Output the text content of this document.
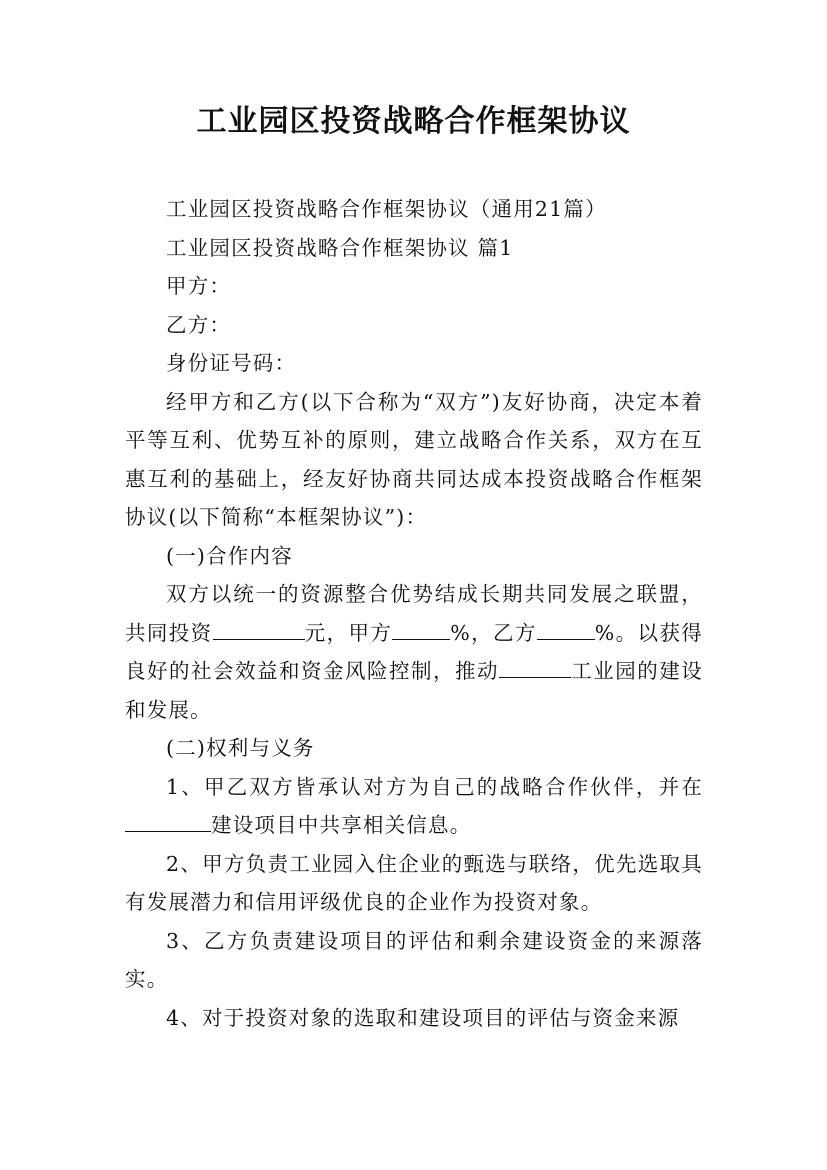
工业园区投资战略合作框架协议

工业园区投资战略合作框架协议（通用21篇）

工业园区投资战略合作框架协议 篇1

甲方：

乙方：

身份证号码：

经甲方和乙方(以下合称为“双方”)友好协商，决定本着平等互利、优势互补的原则，建立战略合作关系，双方在互惠互利的基础上，经友好协商共同达成本投资战略合作框架协议(以下简称“本框架协议”)：

(一)合作内容

双方以统一的资源整合优势结成长期共同发展之联盟，共同投资	元，甲方	%，乙方	%。以获得良好的社会效益和资金风险控制，推动	工业园的建设和发展。

(二)权利与义务

1、甲乙双方皆承认对方为自己的战略合作伙伴，并在建设项目中共享相关信息。

2、甲方负责工业园入住企业的甄选与联络，优先选取具有发展潜力和信用评级优良的企业作为投资对象。

3、乙方负责建设项目的评估和剩余建设资金的来源落实。

4、对于投资对象的选取和建设项目的评估与资金来源
